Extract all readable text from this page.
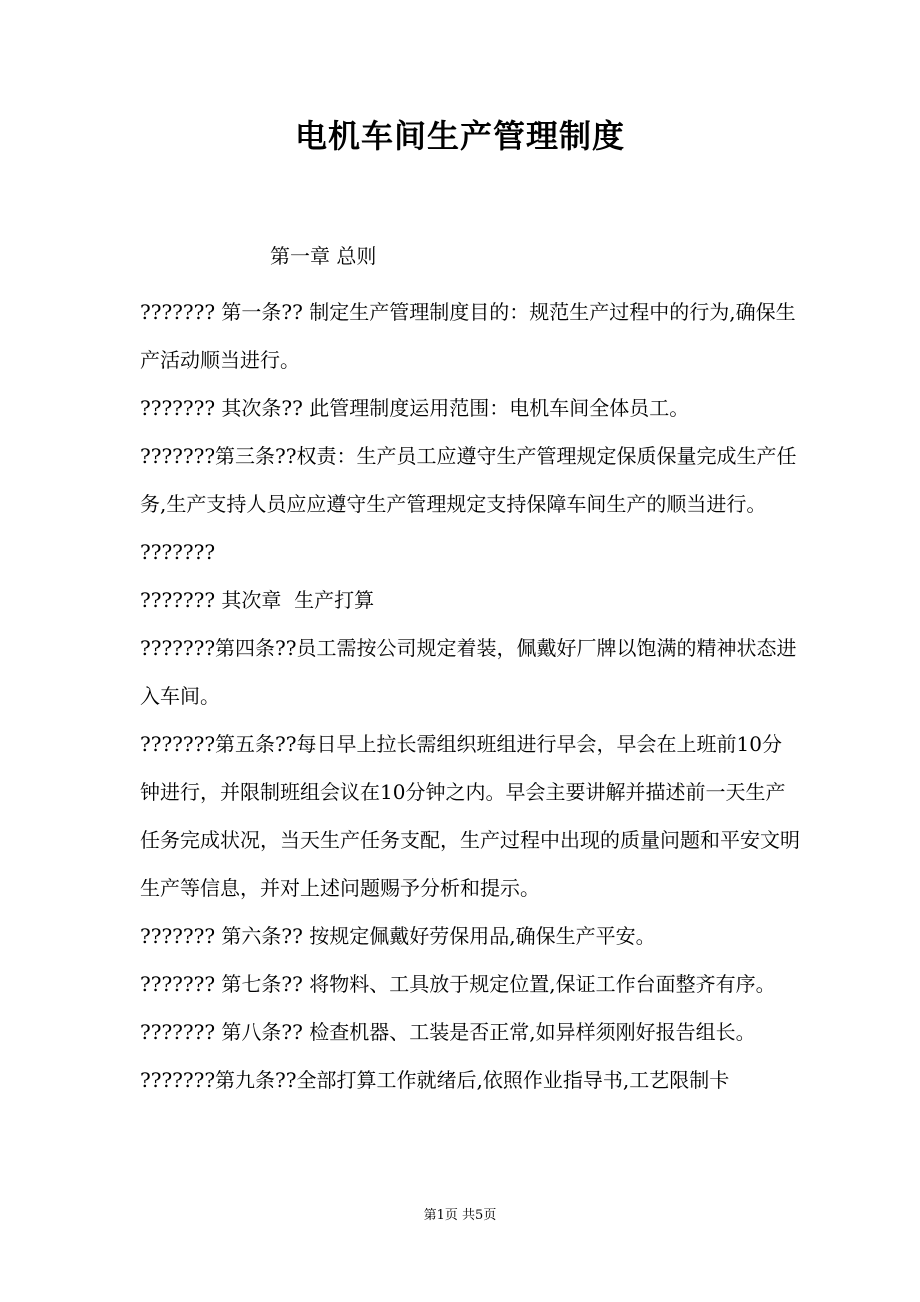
电机车间生产管理制度
第一章 总则

??????? 第一条?? 制定生产管理制度目的：规范生产过程中的行为,确保生产活动顺当进行。

??????? 其次条?? 此管理制度运用范围：电机车间全体员工。

???????第三条??权责：生产员工应遵守生产管理规定保质保量完成生产任务,生产支持人员应应遵守生产管理规定支持保障车间生产的顺当进行。

???????

??????? 其次章  生产打算

???????第四条??员工需按公司规定着装，佩戴好厂牌以饱满的精神状态进入车间。

???????第五条??每日早上拉长需组织班组进行早会，早会在上班前10分钟进行，并限制班组会议在10分钟之内。早会主要讲解并描述前一天生产任务完成状况，当天生产任务支配，生产过程中出现的质量问题和平安文明生产等信息，并对上述问题赐予分析和提示。

??????? 第六条?? 按规定佩戴好劳保用品,确保生产平安。

??????? 第七条?? 将物料、工具放于规定位置,保证工作台面整齐有序。

??????? 第八条?? 检查机器、工装是否正常,如异样须刚好报告组长。

???????第九条??全部打算工作就绪后,依照作业指导书,工艺限制卡

第1页 共5页
